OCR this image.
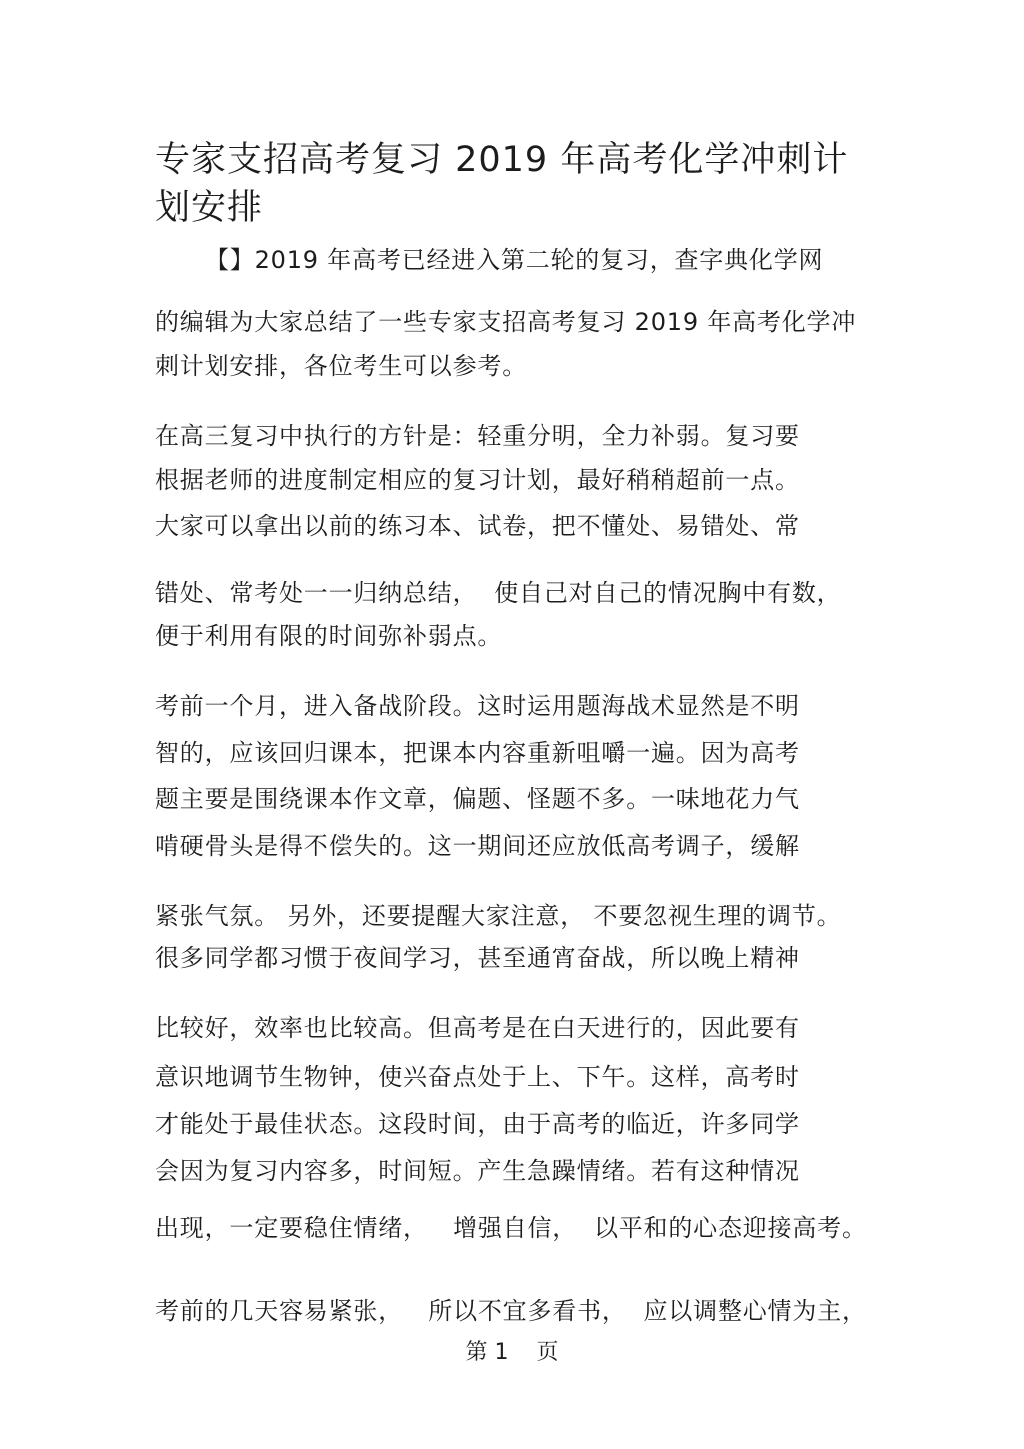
专家支招高考复习 2019 年高考化学冲刺计划安排
【】2019 年高考已经进入第二轮的复习，查字典化学网
的编辑为大家总结了一些专家支招高考复习 2019 年高考化学冲
刺计划安排，各位考生可以参考。
在高三复习中执行的方针是：轻重分明，全力补弱。复习要
根据老师的进度制定相应的复习计划，最好稍稍超前一点。
大家可以拿出以前的练习本、试卷，把不懂处、易错处、常
错处、常考处一一归纳总结，  使自己对自己的情况胸中有数，
便于利用有限的时间弥补弱点。
考前一个月，进入备战阶段。这时运用题海战术显然是不明
智的，应该回归课本，把课本内容重新咀嚼一遍。因为高考
题主要是围绕课本作文章，偏题、怪题不多。一味地花力气
啃硬骨头是得不偿失的。这一期间还应放低高考调子，缓解
紧张气氛。 另外，还要提醒大家注意， 不要忽视生理的调节。
很多同学都习惯于夜间学习，甚至通宵奋战，所以晚上精神
比较好，效率也比较高。但高考是在白天进行的，因此要有
意识地调节生物钟，使兴奋点处于上、下午。这样，高考时
才能处于最佳状态。这段时间，由于高考的临近，许多同学
会因为复习内容多，时间短。产生急躁情绪。若有这种情况
出现，一定要稳住情绪，   增强自信，  以平和的心态迎接高考。
考前的几天容易紧张，   所以不宜多看书，  应以调整心情为主，
第 1    页
